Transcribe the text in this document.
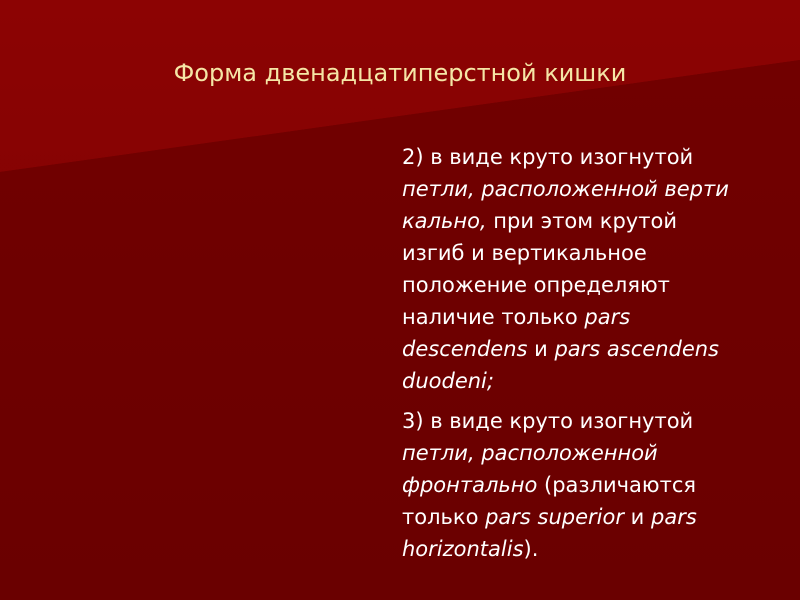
Форма двенадцатиперстной кишки
2) в виде круто изогнутой
петли, расположенной верти
кально, при этом крутой
изгиб и вертикальное
положение определяют
наличие только pars
descendens и pars ascendens
duodeni;
3) в виде круто изогнутой
петли, расположенной
фронтально (различаются
только pars superior и pars
horizontalis).
